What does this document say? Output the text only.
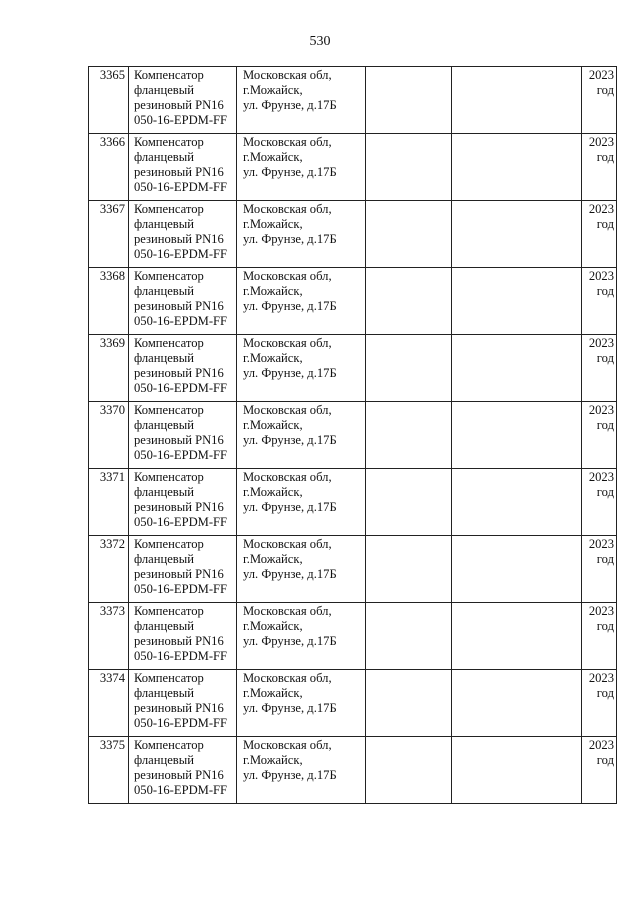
530
3365	Компенсатор
фланцевый
резиновый PN16
050-16-EPDM-FF	Московская обл,
г.Можайск,
ул. Фрунзе, д.17Б			2023
год

3366	Компенсатор
фланцевый
резиновый PN16
050-16-EPDM-FF	Московская обл,
г.Можайск,
ул. Фрунзе, д.17Б			2023
год

3367	Компенсатор
фланцевый
резиновый PN16
050-16-EPDM-FF	Московская обл,
г.Можайск,
ул. Фрунзе, д.17Б			2023
год

3368	Компенсатор
фланцевый
резиновый PN16
050-16-EPDM-FF	Московская обл,
г.Можайск,
ул. Фрунзе, д.17Б			2023
год

3369	Компенсатор
фланцевый
резиновый PN16
050-16-EPDM-FF	Московская обл,
г.Можайск,
ул. Фрунзе, д.17Б			2023
год

3370	Компенсатор
фланцевый
резиновый PN16
050-16-EPDM-FF	Московская обл,
г.Можайск,
ул. Фрунзе, д.17Б			2023
год

3371	Компенсатор
фланцевый
резиновый PN16
050-16-EPDM-FF	Московская обл,
г.Можайск,
ул. Фрунзе, д.17Б			2023
год

3372	Компенсатор
фланцевый
резиновый PN16
050-16-EPDM-FF	Московская обл,
г.Можайск,
ул. Фрунзе, д.17Б			2023
год

3373	Компенсатор
фланцевый
резиновый PN16
050-16-EPDM-FF	Московская обл,
г.Можайск,
ул. Фрунзе, д.17Б			2023
год

3374	Компенсатор
фланцевый
резиновый PN16
050-16-EPDM-FF	Московская обл,
г.Можайск,
ул. Фрунзе, д.17Б			2023
год

3375	Компенсатор
фланцевый
резиновый PN16
050-16-EPDM-FF	Московская обл,
г.Можайск,
ул. Фрунзе, д.17Б			2023
год
